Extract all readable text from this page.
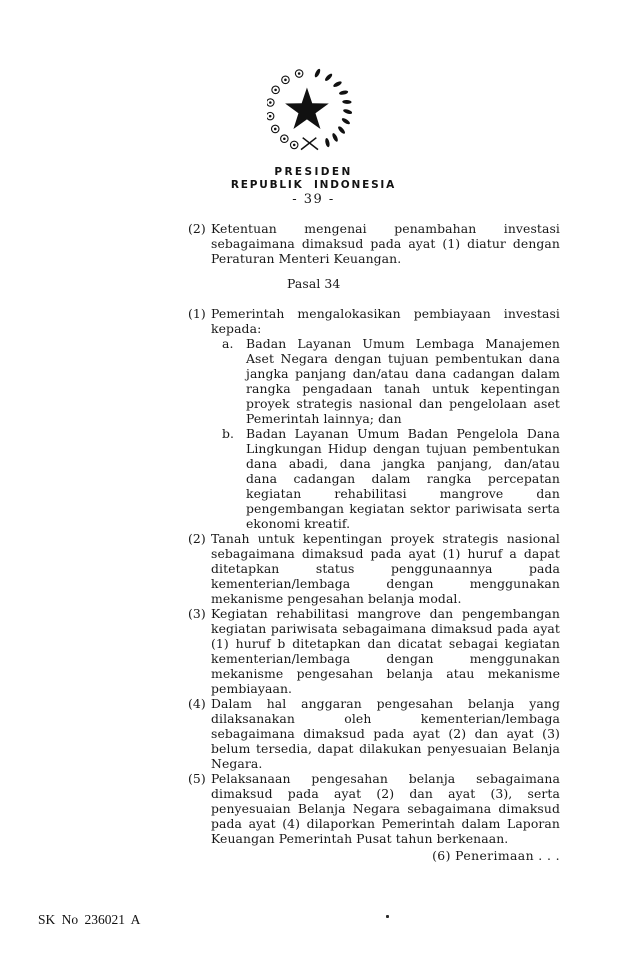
PRESIDEN
REPUBLIK INDONESIA
- 39 -
(2) Ketentuan mengenai penambahan investasi
sebagaimana dimaksud pada ayat (1) diatur dengan
Peraturan Menteri Keuangan.
Pasal 34
(1) Pemerintah mengalokasikan pembiayaan investasi
kepada:
a.	Badan Layanan Umum Lembaga Manajemen
Aset Negara dengan tujuan pembentukan dana
jangka panjang dan/atau dana cadangan dalam
rangka pengadaan tanah untuk kepentingan
proyek strategis nasional dan pengelolaan aset
Pemerintah lainnya; dan
b. Badan Layanan Umum Badan Pengelola Dana
Lingkungan Hidup dengan tujuan pembentukan
dana abadi, dana jangka panjang, dan/atau
dana cadangan dalam rangka percepatan
kegiatan rehabilitasi mangrove dan
pengembangan kegiatan sektor pariwisata serta
ekonomi kreatif.
(2) Tanah untuk kepentingan proyek strategis nasional
sebagaimana dimaksud pada ayat (1) huruf a dapat
ditetapkan status penggunaannya pada
kementerian/lembaga dengan menggunakan
mekanisme pengesahan belanja modal.
(3) Kegiatan rehabilitasi mangrove dan pengembangan
kegiatan pariwisata sebagaimana dimaksud pada ayat
(1) huruf b ditetapkan dan dicatat sebagai kegiatan
kementerian/lembaga dengan menggunakan
mekanisme pengesahan belanja atau mekanisme
pembiayaan.
(4) Dalam hal anggaran pengesahan belanja yang
dilaksanakan oleh kementerian/lembaga
sebagaimana dimaksud pada ayat (2) dan ayat (3)
belum tersedia, dapat dilakukan penyesuaian Belanja
Negara.
(5) Pelaksanaan pengesahan belanja sebagaimana
dimaksud pada ayat (2) dan ayat (3), serta
penyesuaian Belanja Negara sebagaimana dimaksud
pada ayat (4) dilaporkan Pemerintah dalam Laporan
Keuangan Pemerintah Pusat tahun berkenaan.
(6) Penerimaan . . .
SK No 236021 A
